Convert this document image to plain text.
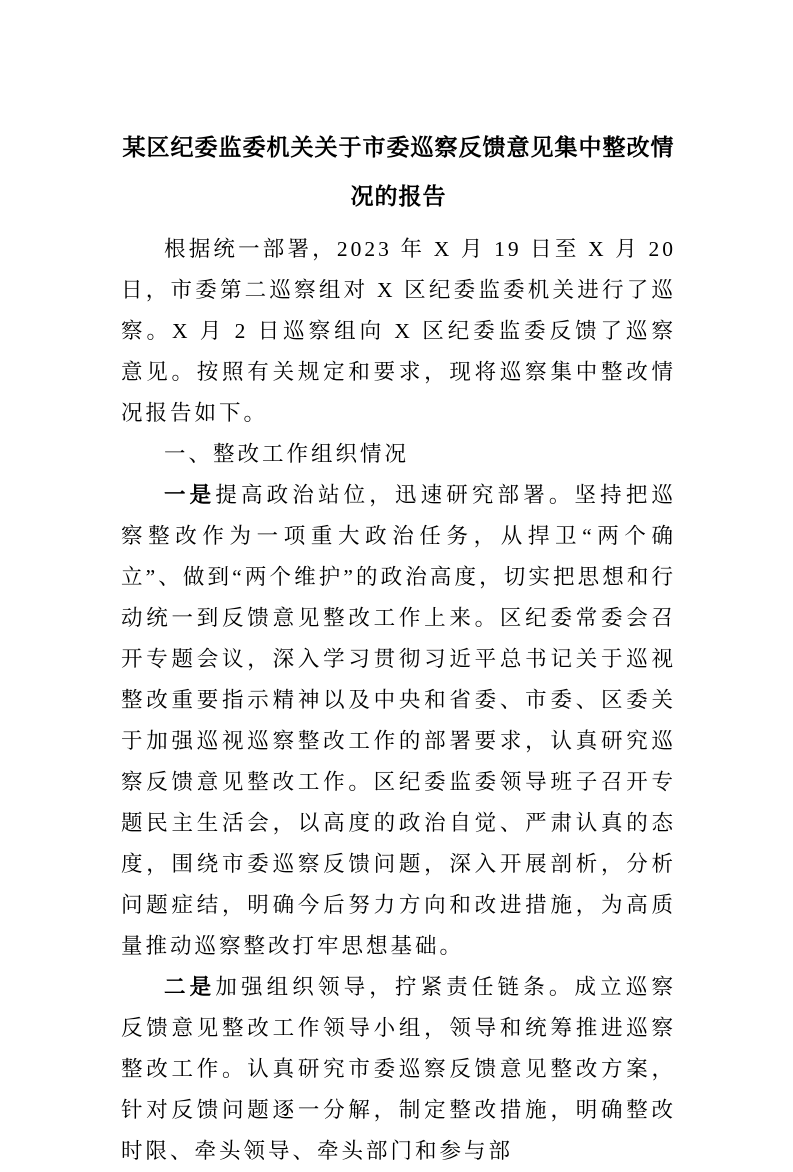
某区纪委监委机关关于市委巡察反馈意见集中整改情况的报告

根据统一部署，2023 年 X 月 19 日至 X 月 20 日，市委第二巡察组对 X 区纪委监委机关进行了巡察。X 月 2 日巡察组向 X 区纪委监委反馈了巡察意见。按照有关规定和要求，现将巡察集中整改情况报告如下。

一、整改工作组织情况

一是提高政治站位，迅速研究部署。坚持把巡察整改作为一项重大政治任务，从捍卫“两个确立”、做到“两个维护”的政治高度，切实把思想和行动统一到反馈意见整改工作上来。区纪委常委会召开专题会议，深入学习贯彻习近平总书记关于巡视整改重要指示精神以及中央和省委、市委、区委关于加强巡视巡察整改工作的部署要求，认真研究巡察反馈意见整改工作。区纪委监委领导班子召开专题民主生活会，以高度的政治自觉、严肃认真的态度，围绕市委巡察反馈问题，深入开展剖析，分析问题症结，明确今后努力方向和改进措施，为高质量推动巡察整改打牢思想基础。

二是加强组织领导，拧紧责任链条。成立巡察反馈意见整改工作领导小组，领导和统筹推进巡察整改工作。认真研究市委巡察反馈意见整改方案，针对反馈问题逐一分解，制定整改措施，明确整改时限、牵头领导、牵头部门和参与部
